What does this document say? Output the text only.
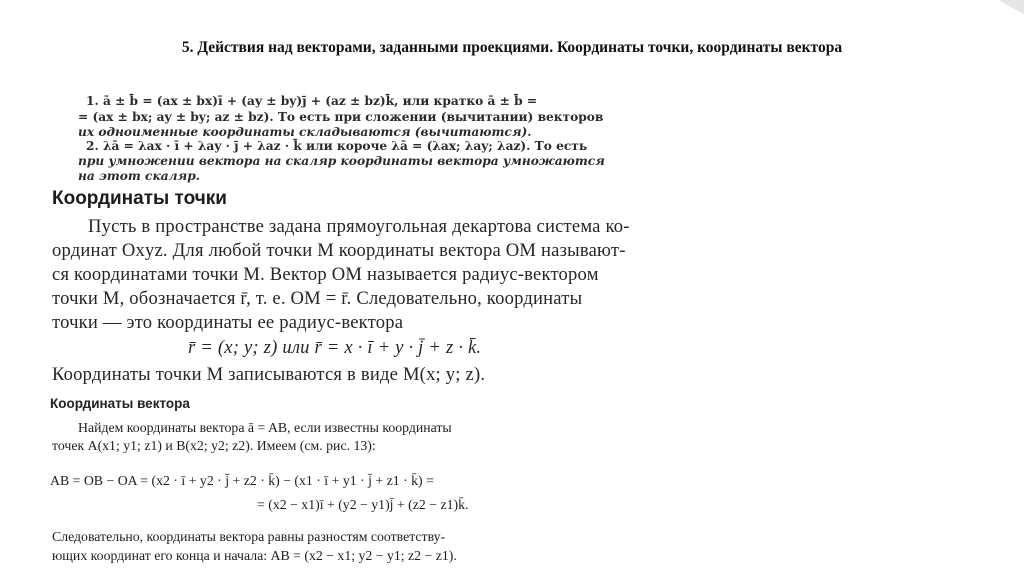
5. Действия над векторами, заданными проекциями. Координаты точки, координаты вектора
1. ā ± b̄ = (ax ± bx)ī + (ay ± by)j̄ + (az ± bz)k̄, или кратко ā ± b̄ =
= (ax ± bx; ay ± by; az ± bz). То есть при сложении (вычитании) векторов
их одноименные координаты складываются (вычитаются).
2. λā = λax · ī + λay · j̄ + λaz · k̄ или короче λā = (λax; λay; λaz). То есть
при умножении вектора на скаляр координаты вектора умножаются
на этот скаляр.
Координаты точки
Пусть в пространстве задана прямоугольная декартова система ко-
ординат Oxyz. Для любой точки M координаты вектора OM называют-
ся координатами точки M. Вектор OM называется радиус-вектором
точки M, обозначается r̄, т. е. OM = r̄. Следовательно, координаты
точки — это координаты ее радиус-вектора
r̄ = (x; y; z) или r̄ = x · ī + y · j̄ + z · k̄.
Координаты точки M записываются в виде M(x; y; z).
Координаты вектора
Найдем координаты вектора ā = AB, если известны координаты
точек A(x1; y1; z1) и B(x2; y2; z2). Имеем (см. рис. 13):
AB = OB − OA = (x2 · ī + y2 · j̄ + z2 · k̄) − (x1 · ī + y1 · j̄ + z1 · k̄) =
= (x2 − x1)ī + (y2 − y1)j̄ + (z2 − z1)k̄.
Следовательно, координаты вектора равны разностям соответству-
ющих координат его конца и начала: AB = (x2 − x1; y2 − y1; z2 − z1).
